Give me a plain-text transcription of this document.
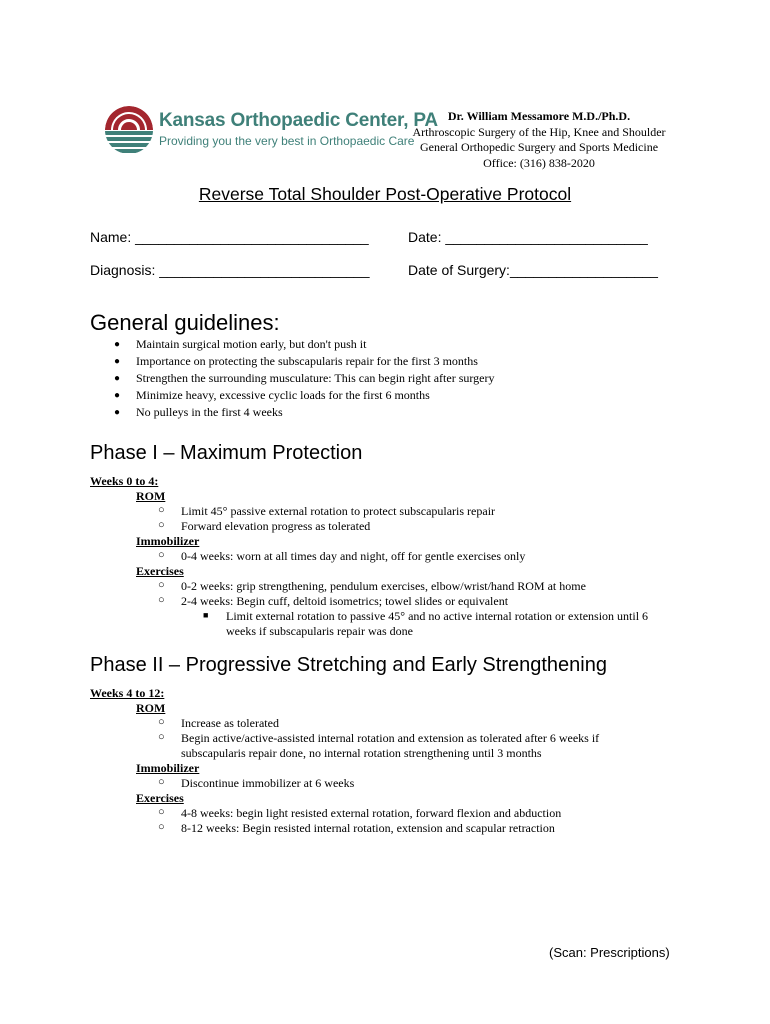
Kansas Orthopaedic Center, PA
Providing you the very best in Orthopaedic Care
Dr. William Messamore M.D./Ph.D.
Arthroscopic Surgery of the Hip, Knee and Shoulder
General Orthopedic Surgery and Sports Medicine
Office: (316) 838-2020
Reverse Total Shoulder Post-Operative Protocol
Name: ______________________________	Date: __________________________
Diagnosis: ___________________________	Date of Surgery:___________________
General guidelines:
● Maintain surgical motion early, but don't push it
● Importance on protecting the subscapularis repair for the first 3 months
● Strengthen the surrounding musculature: This can begin right after surgery
● Minimize heavy, excessive cyclic loads for the first 6 months
● No pulleys in the first 4 weeks
Phase I – Maximum Protection
Weeks 0 to 4:
ROM
○ Limit 45° passive external rotation to protect subscapularis repair
○ Forward elevation progress as tolerated
Immobilizer
○ 0-4 weeks: worn at all times day and night, off for gentle exercises only
Exercises
○ 0-2 weeks: grip strengthening, pendulum exercises, elbow/wrist/hand ROM at home
○ 2-4 weeks: Begin cuff, deltoid isometrics; towel slides or equivalent
■ Limit external rotation to passive 45° and no active internal rotation or extension until 6
weeks if subscapularis repair was done
Phase II – Progressive Stretching and Early Strengthening
Weeks 4 to 12:
ROM
○ Increase as tolerated
○ Begin active/active-assisted internal rotation and extension as tolerated after 6 weeks if
subscapularis repair done, no internal rotation strengthening until 3 months
Immobilizer
○ Discontinue immobilizer at 6 weeks
Exercises
○ 4-8 weeks: begin light resisted external rotation, forward flexion and abduction
○ 8-12 weeks: Begin resisted internal rotation, extension and scapular retraction
(Scan: Prescriptions)
